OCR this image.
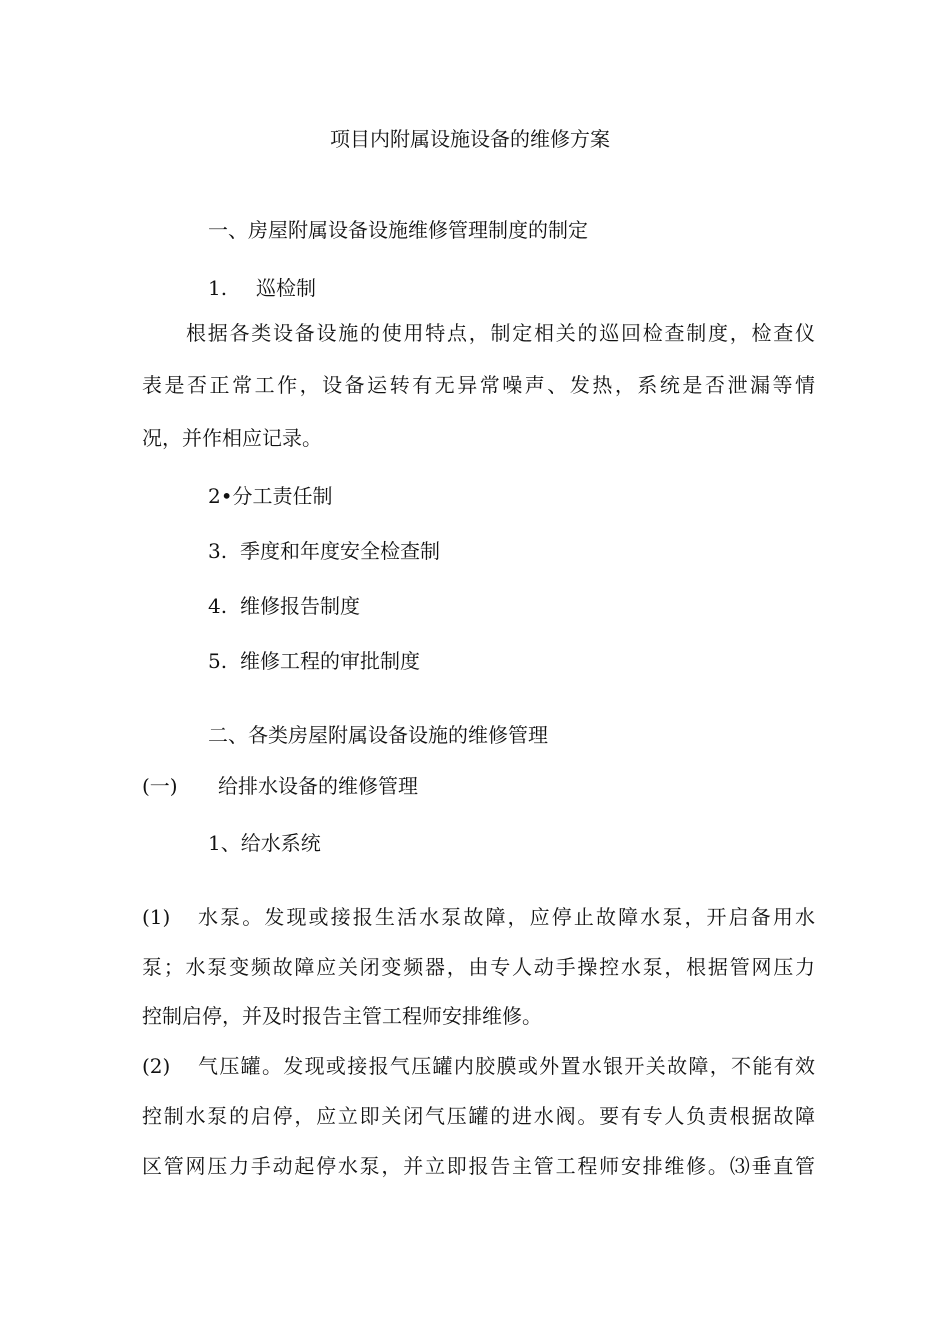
项目内附属设施设备的维修方案
一、房屋附属设备设施维修管理制度的制定
1. 巡检制
根据各类设备设施的使用特点，制定相关的巡回检查制度，检查仪
表是否正常工作，设备运转有无异常噪声、发热，系统是否泄漏等情
况，并作相应记录。
2•分工责任制
3. 季度和年度安全检查制
4. 维修报告制度
5. 维修工程的审批制度
二、各类房屋附属设备设施的维修管理
(一) 给排水设备的维修管理
1、给水系统
(1) 水泵。发现或接报生活水泵故障，应停止故障水泵，开启备用水
泵；水泵变频故障应关闭变频器，由专人动手操控水泵，根据管网压力
控制启停，并及时报告主管工程师安排维修。
(2) 气压罐。发现或接报气压罐内胶膜或外置水银开关故障，不能有效
控制水泵的启停，应立即关闭气压罐的进水阀。要有专人负责根据故障
区管网压力手动起停水泵，并立即报告主管工程师安排维修。⑶垂直管
